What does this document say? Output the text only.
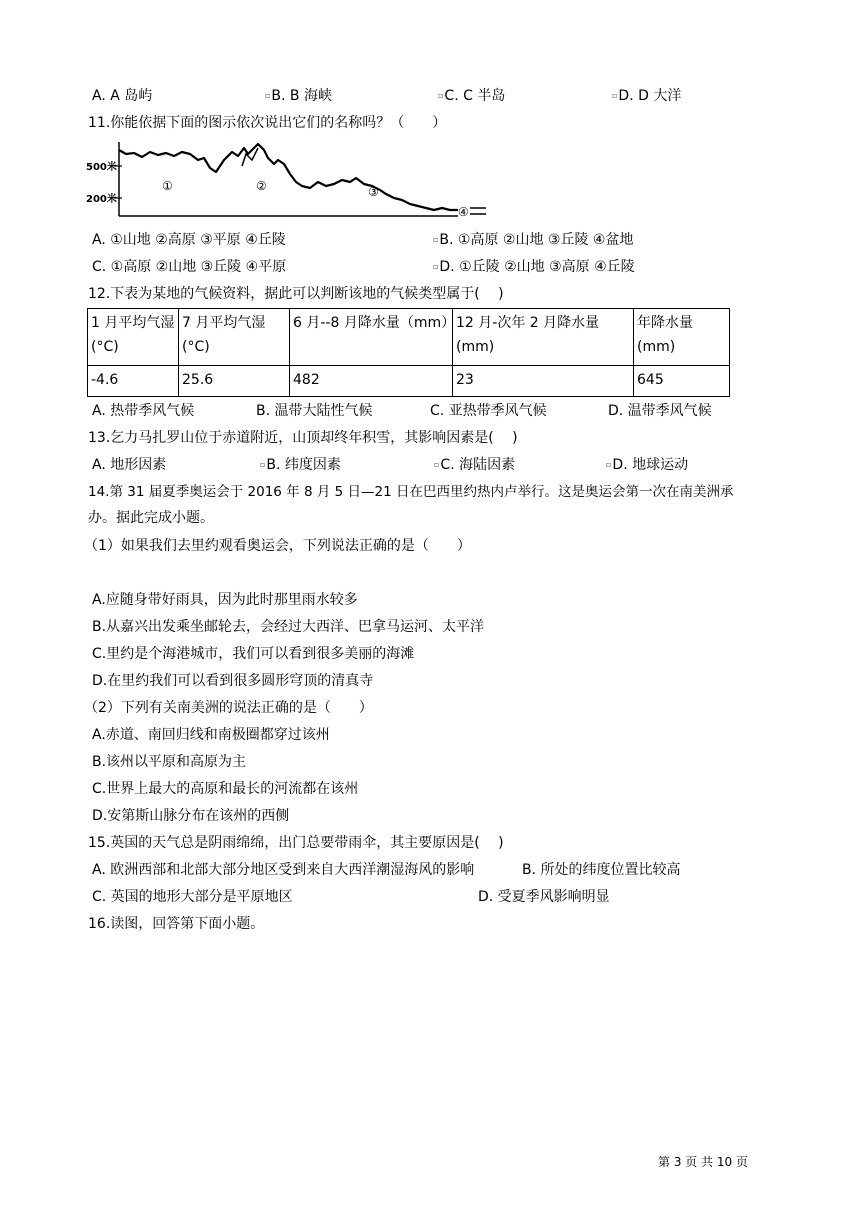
A. A 岛屿	▫B. B 海峡	▫C. C 半岛	▫D. D 大洋
11.你能依据下面的图示依次说出它们的名称吗？（　　）
500米
200米
①	②	③
④
A. ①山地 ②高原 ③平原 ④丘陵	▫B. ①高原 ②山地 ③丘陵 ④盆地
C. ①高原 ②山地 ③丘陵 ④平原	▫D. ①丘陵 ②山地 ③高原 ④丘陵
12.下表为某地的气候资料，据此可以判断该地的气候类型属于(　 )
1 月平均气湿(°C)	7 月平均气湿(°C)	6 月--8 月降水量（mm）	12 月-次年 2 月降水量(mm)	年降水量(mm)
-4.6	25.6	482	23	645
A. 热带季风气候	B. 温带大陆性气候	C. 亚热带季风气候	D. 温带季风气候
13.乞力马扎罗山位于赤道附近，山顶却终年积雪，其影响因素是(　 )
A. 地形因素	▫B. 纬度因素	▫C. 海陆因素	▫D. 地球运动
14.第 31 届夏季奥运会于 2016 年 8 月 5 日—21 日在巴西里约热内卢举行。这是奥运会第一次在南美洲承
办。据此完成小题。
（1）如果我们去里约观看奥运会，下列说法正确的是（　　）
A.应随身带好雨具，因为此时那里雨水较多
B.从嘉兴出发乘坐邮轮去，会经过大西洋、巴拿马运河、太平洋
C.里约是个海港城市，我们可以看到很多美丽的海滩
D.在里约我们可以看到很多圆形穹顶的清真寺
（2）下列有关南美洲的说法正确的是（　　）
A.赤道、南回归线和南极圈都穿过该州
B.该州以平原和高原为主
C.世界上最大的高原和最长的河流都在该州
D.安第斯山脉分布在该州的西侧
15.英国的天气总是阴雨绵绵，出门总要带雨伞，其主要原因是(　 )
A. 欧洲西部和北部大部分地区受到来自大西洋潮湿海风的影响	B. 所处的纬度位置比较高
C. 英国的地形大部分是平原地区	D. 受夏季风影响明显
16.读图，回答第下面小题。
第 3 页 共 10 页
